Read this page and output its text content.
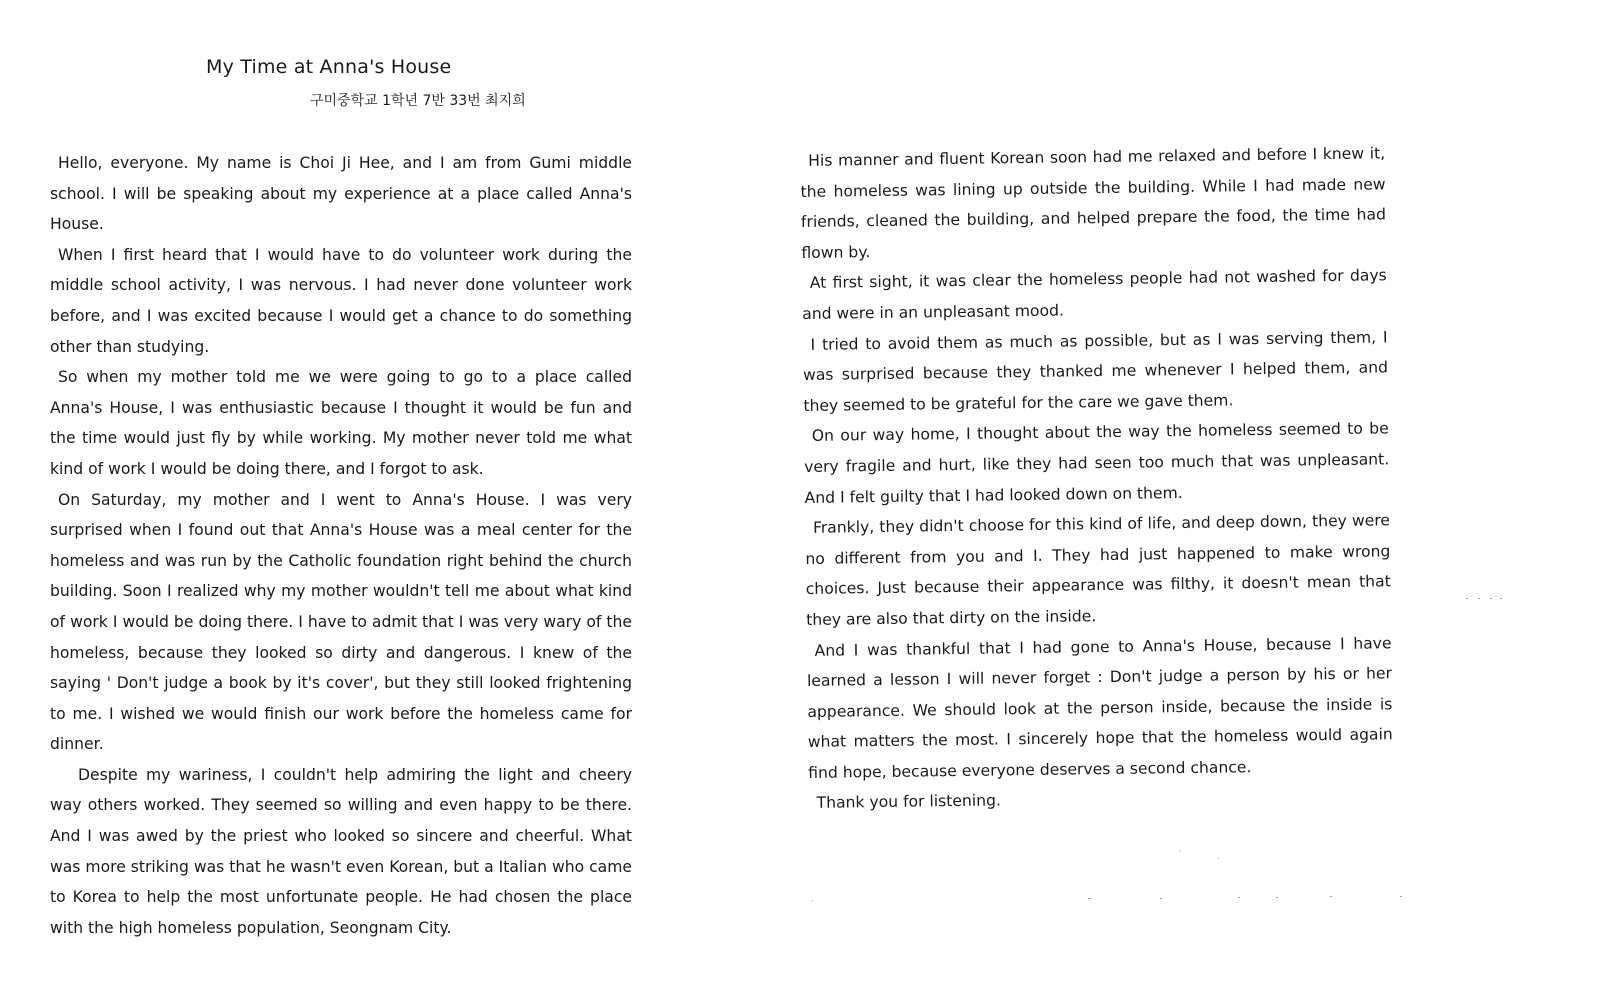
My Time at Anna's House
구미중학교 1학년 7반 33번 최지희

Hello, everyone. My name is Choi Ji Hee, and I am from Gumi middle school. I will be speaking about my experience at a place called Anna's House.

When I first heard that I would have to do volunteer work during the middle school activity, I was nervous. I had never done volunteer work before, and I was excited because I would get a chance to do something other than studying.

So when my mother told me we were going to go to a place called Anna's House, I was enthusiastic because I thought it would be fun and the time would just fly by while working. My mother never told me what kind of work I would be doing there, and I forgot to ask.

On Saturday, my mother and I went to Anna's House. I was very surprised when I found out that Anna's House was a meal center for the homeless and was run by the Catholic foundation right behind the church building. Soon I realized why my mother wouldn't tell me about what kind of work I would be doing there. I have to admit that I was very wary of the homeless, because they looked so dirty and dangerous. I knew of the saying ' Don't judge a book by it's cover', but they still looked frightening to me. I wished we would finish our work before the homeless came for dinner.

Despite my wariness, I couldn't help admiring the light and cheery way others worked. They seemed so willing and even happy to be there. And I was awed by the priest who looked so sincere and cheerful. What was more striking was that he wasn't even Korean, but a Italian who came to Korea to help the most unfortunate people. He had chosen the place with the high homeless population, Seongnam City.

His manner and fluent Korean soon had me relaxed and before I knew it, the homeless was lining up outside the building. While I had made new friends, cleaned the building, and helped prepare the food, the time had flown by.

At first sight, it was clear the homeless people had not washed for days and were in an unpleasant mood.

I tried to avoid them as much as possible, but as I was serving them, I was surprised because they thanked me whenever I helped them, and they seemed to be grateful for the care we gave them.

On our way home, I thought about the way the homeless seemed to be very fragile and hurt, like they had seen too much that was unpleasant. And I felt guilty that I had looked down on them.

Frankly, they didn't choose for this kind of life, and deep down, they were no different from you and I. They had just happened to make wrong choices. Just because their appearance was filthy, it doesn't mean that they are also that dirty on the inside.

And I was thankful that I had gone to Anna's House, because I have learned a lesson I will never forget : Don't judge a person by his or her appearance. We should look at the person inside, because the inside is what matters the most. I sincerely hope that the homeless would again find hope, because everyone deserves a second chance.

Thank you for listening.
